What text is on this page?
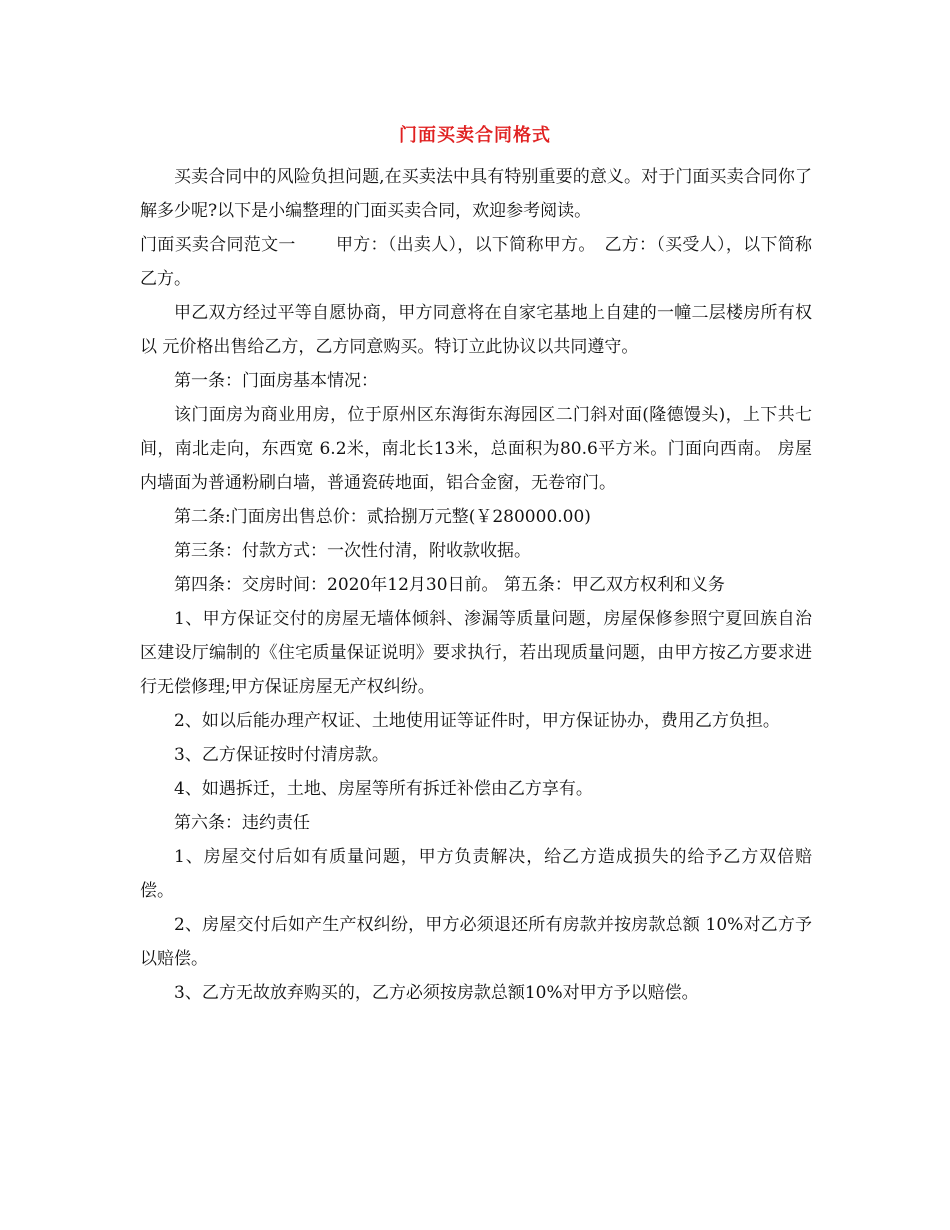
门面买卖合同格式

买卖合同中的风险负担问题,在买卖法中具有特别重要的意义。对于门面买卖合同你了解多少呢?以下是小编整理的门面买卖合同，欢迎参考阅读。

门面买卖合同范文一　　 甲方：（出卖人），以下简称甲方。　乙方：（买受人），以下简称乙方。

甲乙双方经过平等自愿协商，甲方同意将在自家宅基地上自建的一幢二层楼房所有权以 元价格出售给乙方，乙方同意购买。特订立此协议以共同遵守。

第一条：门面房基本情况：

该门面房为商业用房，位于原州区东海街东海园区二门斜对面(隆德馒头)，上下共七间，南北走向，东西宽 6.2米，南北长13米，总面积为80.6平方米。门面向西南。 房屋内墙面为普通粉刷白墙，普通瓷砖地面，铝合金窗，无卷帘门。

第二条:门面房出售总价：贰拾捌万元整(￥280000.00)

第三条：付款方式：一次性付清，附收款收据。

第四条：交房时间：2020年12月30日前。 第五条：甲乙双方权利和义务

1、甲方保证交付的房屋无墙体倾斜、渗漏等质量问题，房屋保修参照宁夏回族自治区建设厅编制的《住宅质量保证说明》要求执行，若出现质量问题，由甲方按乙方要求进行无偿修理;甲方保证房屋无产权纠纷。

2、如以后能办理产权证、土地使用证等证件时，甲方保证协办，费用乙方负担。

3、乙方保证按时付清房款。

4、如遇拆迁，土地、房屋等所有拆迁补偿由乙方享有。

第六条：违约责任

1、房屋交付后如有质量问题，甲方负责解决，给乙方造成损失的给予乙方双倍赔偿。

2、房屋交付后如产生产权纠纷，甲方必须退还所有房款并按房款总额 10%对乙方予以赔偿。

3、乙方无故放弃购买的，乙方必须按房款总额10%对甲方予以赔偿。
